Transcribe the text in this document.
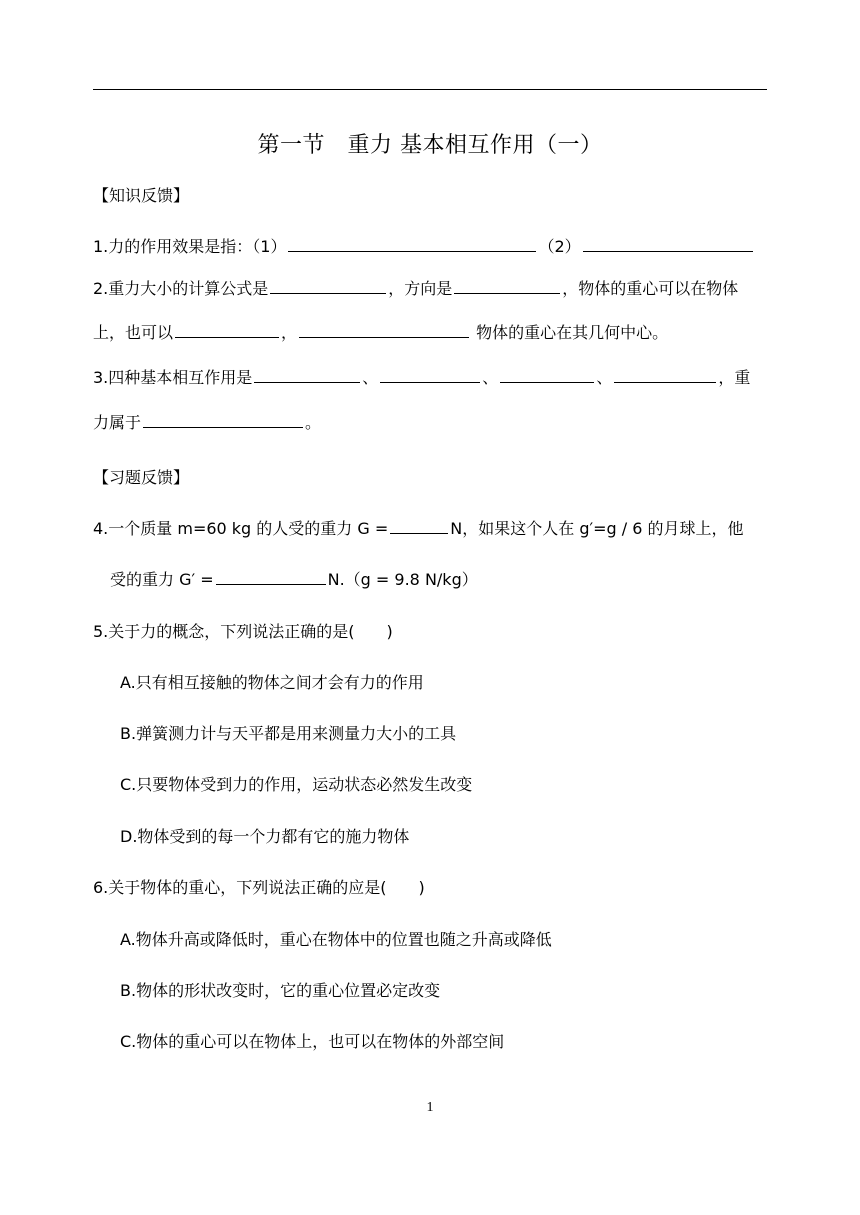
第一节　重力 基本相互作用（一）
【知识反馈】
1.力的作用效果是指：（1）	（2）
2.重力大小的计算公式是	，方向是	，物体的重心可以在物体
上，也可以	，	物体的重心在其几何中心。
3.四种基本相互作用是	、	、	、	，重
力属于	。
【习题反馈】
4.一个质量 m=60 kg 的人受的重力 G =	N，如果这个人在 g′=g / 6 的月球上，他
受的重力 G′ =	N.（g = 9.8 N/kg）
5.关于力的概念，下列说法正确的是(　　)
A.只有相互接触的物体之间才会有力的作用
B.弹簧测力计与天平都是用来测量力大小的工具
C.只要物体受到力的作用，运动状态必然发生改变
D.物体受到的每一个力都有它的施力物体
6.关于物体的重心，下列说法正确的应是(　　)
A.物体升高或降低时，重心在物体中的位置也随之升高或降低
B.物体的形状改变时，它的重心位置必定改变
C.物体的重心可以在物体上，也可以在物体的外部空间
1
